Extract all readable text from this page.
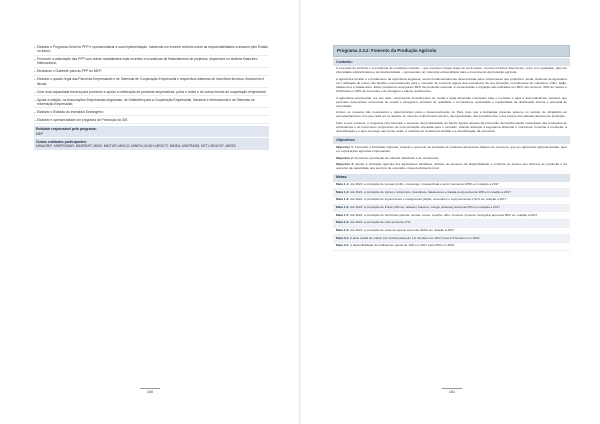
– Elaborar o Programa Geral do PPP e operacionalizar a sua implementação, mantendo um enorme controlo sobre as responsabilidades a assumir pelo Estado no futuro;
– Promover a articulação das PPP com outras modalidades mais recentes e inovadoras de financiamento de projectos, dispensem no sistema financeiro internacional;
– Dinamizar o Gabinete para as PPP do MEP;
– Elaborar o quadro legal das Parcerias Empresariais e de Sistemas de Cooperação Empresarial e respectivos sistemas de incentivos técnicos, financeiros e fiscais;
– Criar uma capacidade técnica para promover e apoiar a celebração de parcerias empresariais, pólos e redes e de outras formas de cooperação empresarial;
– Apoiar a criação, na Associações Empresariais Angolanas, de Gabinetes para a Cooperação Empresarial, Nacional e Internacional e de Sistemas de Informação Empresarial;
– Elaborar o Estatuto do Investidor Estrangeiro;
– Elaborar e operacionalizar um programa de Promoção do IDE.
Entidade responsável pelo programa:
MEP
Outras entidades participantes:
MINAGRIF; MINPESMAR; MINERMIT; MIND; MINTUR; MINCO; MINFIN; MJDH; MESCTI; MINEA; MINTRANS; MTTI; MINCOP; MIREX
160
Programa 2.3.2: Fomento da Produção Agrícola
Contexto:
A extensão do território e a existência de condições naturais – que envolvem largas áreas de terra arável, recursos hídricos disponíveis, solos com qualidade, além de diversidade edafoclimática e de biodiversidade – representam um potencial extraordinário para o crescimento da produção agrícola.
A agricultura familiar é o fundamento da agricultura angolana, sendo fundamentalmente desenvolvida pelos camponeses que produzem, ainda, sistemas de agricultura com utilização de meios não familiar, essencialmente para o mercado de consumo alguns dos excedentes da sua produção, normalmente de mandioca, milho, feijão, batata-rena e batata-doce. Estes produtores asseguram 80% da produção nacional. A mecanização e irrigação são utilizadas em 80% dos terrenos, 90% de rações e fertilizantes e 90% de sementes e de forragens e baixos rendimentos.
A agricultura empresarial, por seu lado, compreende investimentos de média e larga dimensão orientados para o mercado e para a auto-suficiência nacional, que permitam desenvolver economias de escala e assegurem produtos de qualidade e competitivos, quantidade e regularidade da distribuição interna e potencial de exportação.
Ambos os modelos são necessários e determinantes para o desenvolvimento do País, pelo que a Estratégia presente assume no sentido de obrigatório ao acompanhamento com que cada um se depara, ao nível de conhecimento técnico, da organização, dos investimentos e dos preços dos variados factores de produção.
Face a este contexto, o programa visa fomentar o aumento da produtividade do Sector Agrário através da promoção da transformação sustentável das produções de subsistência e do incremento progressivo de uma produção orientada para o mercado, visando alcançar a segurança alimentar e nutricional, fomentar a produção, a diversificação e o auto-emprego nas zonas rurais, a melhoria do rendimento familiar e a diversificação da economia.
Objectivos:
Objectivo 1: Fomentar a Actividade Agrícola, visando o aumento da produção de produtos alimentares básicos de consumo, que em agricultura agrícola familiar, quer em explorações agrícolas empresariais;
Objectivo 2: Aumentar a produção de culturas industriais e de rendimento;
Objectivo 3: Apoiar a produção agrícola dos agricultores familiares, através do aumento da disponibilidade e melhoria do acesso aos factores de produção e do aumento da capacidade dos serviços de extensão e desenvolvimento rural.
Metas:
Meta 1.1: Até 2022, a produção de cereais (milho, massango, massambala e arroz) aumenta 105% em relação a 2017
Meta 1.2: Até 2022, a produção de raízes e tubérculos (mandioca, batata-doce e batata-rena) aumenta 49% em relação a 2017
Meta 1.3: Até 2022, a produção de leguminosas e oleaginosas (feijão, amendoim e soja) aumenta 1,6x% em relação a 2017
Meta 1.4: Até 2022, a produção de frutas (citrinos, abacaxi, banana, manga, abacate) aumenta 53% em relação a 2017
Meta 1.5: Até 2022, a produção de hortícolas (cebola, tomate, couve, repolho, alho, cenoura, pimento, beringela) aumenta 85% em relação a 2017
Meta 2.1: Até 2022, a produção de café aumenta 17%
Meta 2.4: Até 2022, a produção de cana-de-açúcar aumenta 401% em relação a 2017
Meta 3.1: A área média de cultivo por família passa de 1,5 hectares em 2017 para 2,5 hectares em 2022
Meta 3.2: A disponibilidade de fertilizantes passa de 10% em 2017 para 80% em 2022
161
